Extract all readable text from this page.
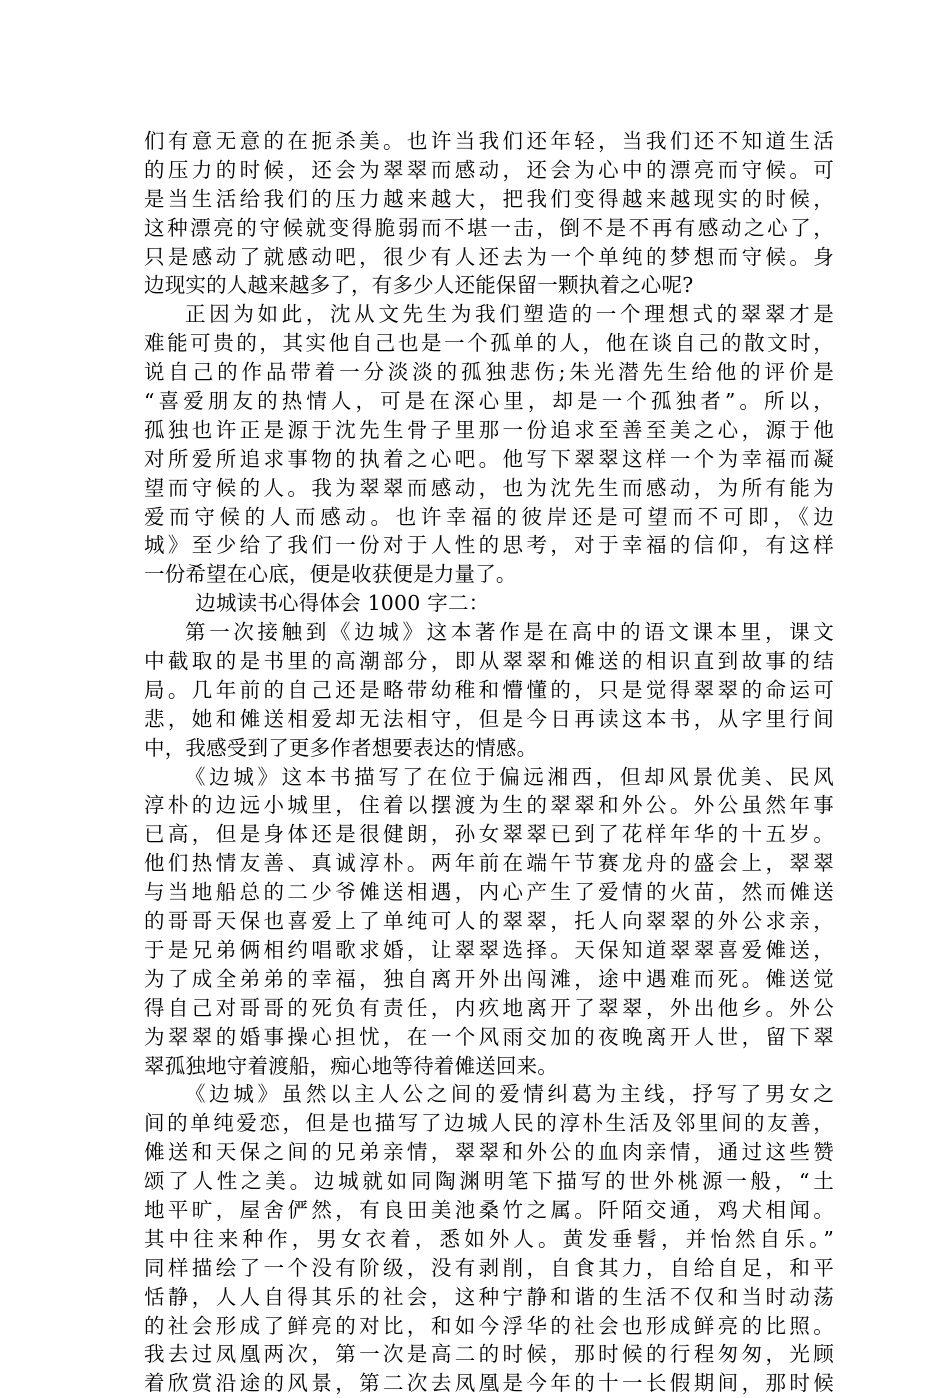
们有意无意的在扼杀美。也许当我们还年轻，当我们还不知道生活
的压力的时候，还会为翠翠而感动，还会为心中的漂亮而守候。可
是当生活给我们的压力越来越大，把我们变得越来越现实的时候，
这种漂亮的守候就变得脆弱而不堪一击，倒不是不再有感动之心了，
只是感动了就感动吧，很少有人还去为一个单纯的梦想而守候。身
边现实的人越来越多了，有多少人还能保留一颗执着之心呢?
正因为如此，沈从文先生为我们塑造的一个理想式的翠翠才是
难能可贵的，其实他自己也是一个孤单的人，他在谈自己的散文时，
说自己的作品带着一分淡淡的孤独悲伤;朱光潜先生给他的评价是
“喜爱朋友的热情人，可是在深心里，却是一个孤独者”。所以，
孤独也许正是源于沈先生骨子里那一份追求至善至美之心，源于他
对所爱所追求事物的执着之心吧。他写下翠翠这样一个为幸福而凝
望而守候的人。我为翠翠而感动，也为沈先生而感动，为所有能为
爱而守候的人而感动。也许幸福的彼岸还是可望而不可即，《边
城》至少给了我们一份对于人性的思考，对于幸福的信仰，有这样
一份希望在心底，便是收获便是力量了。
边城读书心得体会 1000 字二：
第一次接触到《边城》这本著作是在高中的语文课本里，课文
中截取的是书里的高潮部分，即从翠翠和傩送的相识直到故事的结
局。几年前的自己还是略带幼稚和懵懂的，只是觉得翠翠的命运可
悲，她和傩送相爱却无法相守，但是今日再读这本书，从字里行间
中，我感受到了更多作者想要表达的情感。
《边城》这本书描写了在位于偏远湘西，但却风景优美、民风
淳朴的边远小城里，住着以摆渡为生的翠翠和外公。外公虽然年事
已高，但是身体还是很健朗，孙女翠翠已到了花样年华的十五岁。
他们热情友善、真诚淳朴。两年前在端午节赛龙舟的盛会上，翠翠
与当地船总的二少爷傩送相遇，内心产生了爱情的火苗，然而傩送
的哥哥天保也喜爱上了单纯可人的翠翠，托人向翠翠的外公求亲，
于是兄弟俩相约唱歌求婚，让翠翠选择。天保知道翠翠喜爱傩送，
为了成全弟弟的幸福，独自离开外出闯滩，途中遇难而死。傩送觉
得自己对哥哥的死负有责任，内疚地离开了翠翠，外出他乡。外公
为翠翠的婚事操心担忧，在一个风雨交加的夜晚离开人世，留下翠
翠孤独地守着渡船，痴心地等待着傩送回来。
《边城》虽然以主人公之间的爱情纠葛为主线，抒写了男女之
间的单纯爱恋，但是也描写了边城人民的淳朴生活及邻里间的友善，
傩送和天保之间的兄弟亲情，翠翠和外公的血肉亲情，通过这些赞
颂了人性之美。边城就如同陶渊明笔下描写的世外桃源一般，“土
地平旷，屋舍俨然，有良田美池桑竹之属。阡陌交通，鸡犬相闻。
其中往来种作，男女衣着，悉如外人。黄发垂髫，并怡然自乐。”
同样描绘了一个没有阶级，没有剥削，自食其力，自给自足，和平
恬静，人人自得其乐的社会，这种宁静和谐的生活不仅和当时动荡
的社会形成了鲜亮的对比，和如今浮华的社会也形成鲜亮的比照。
我去过凤凰两次，第一次是高二的时候，那时候的行程匆匆，光顾
着欣赏沿途的风景，第二次去凤凰是今年的十一长假期间，那时候
